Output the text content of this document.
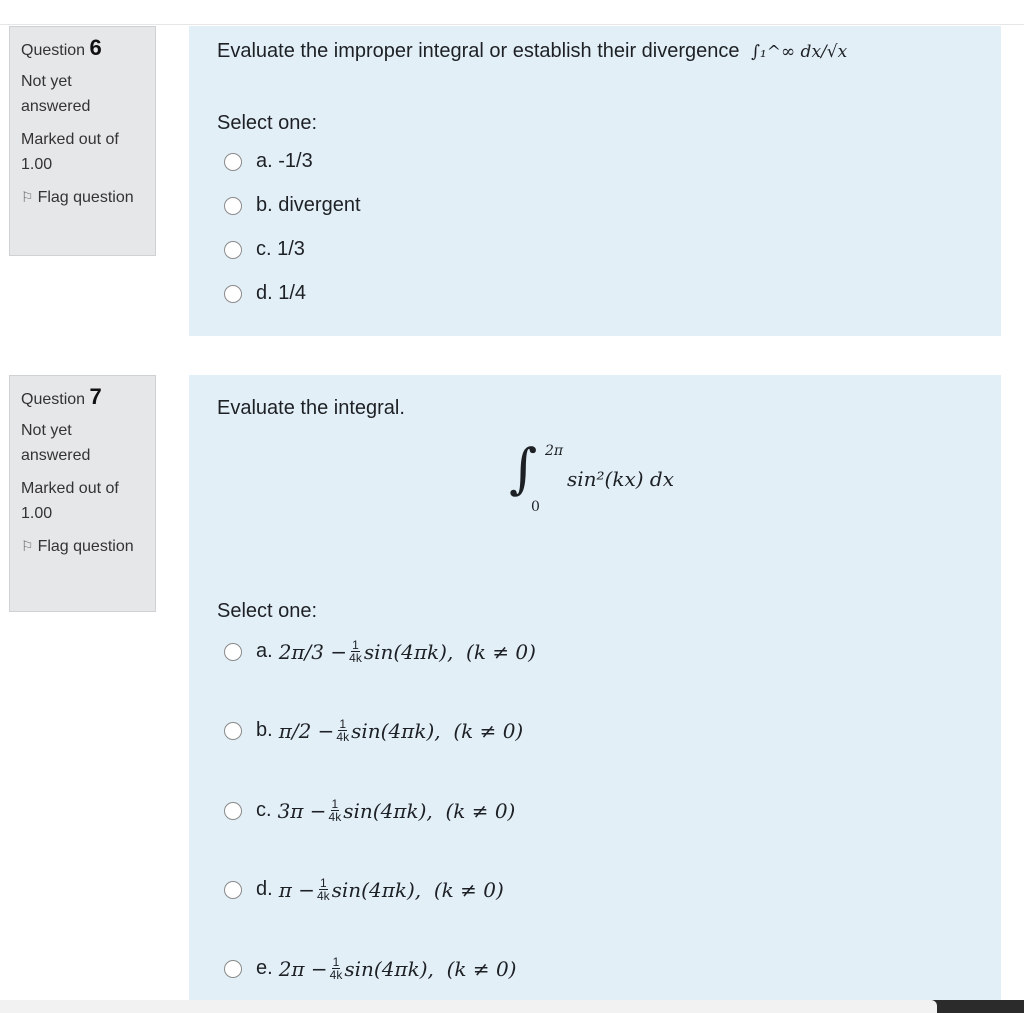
Question 6
Not yet answered
Marked out of 1.00
⚐ Flag question
Evaluate the improper integral or establish their divergence ∫₁^∞ dx/√x
Select one:
a. -1/3
b. divergent
c. 1/3
d. 1/4
Question 7
Not yet answered
Marked out of 1.00
⚐ Flag question
Evaluate the integral.
∫ 2π
0
sin²(kx) dx
Select one:
a. $2\pi/3 - \frac{1}{4k} \sin(4\pi k)$,  (k ≠ 0)
b. $\pi/2 - \frac{1}{4k} \sin(4\pi k)$,  (k ≠ 0)
c. $3\pi - \frac{1}{4k} \sin(4\pi k)$,  (k ≠ 0)
d. $\pi - \frac{1}{4k} \sin(4\pi k)$,  (k ≠ 0)
e. $2\pi - \frac{1}{4k} \sin(4\pi k)$,  (k ≠ 0)
